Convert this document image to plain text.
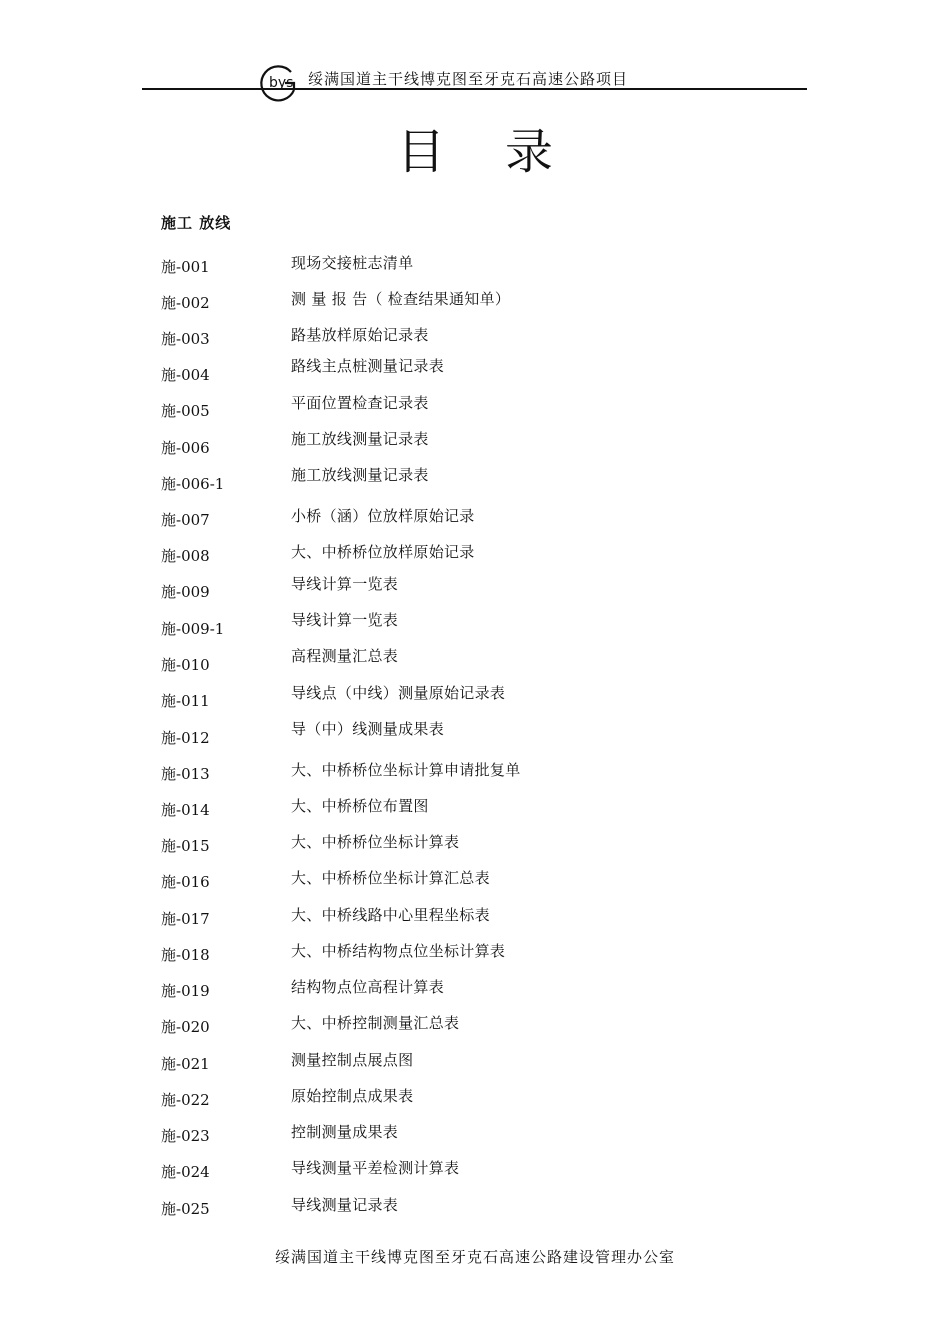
bys 绥满国道主干线博克图至牙克石高速公路项目
目 录
施工 放线
施-001	现场交接桩志清单
施-002	测 量 报 告（ 检查结果通知单）
施-003	路基放样原始记录表
施-004	路线主点桩测量记录表
施-005	平面位置检查记录表
施-006	施工放线测量记录表
施-006-1	施工放线测量记录表
施-007	小桥（涵）位放样原始记录
施-008	大、中桥桥位放样原始记录
施-009	导线计算一览表
施-009-1	导线计算一览表
施-010	高程测量汇总表
施-011	导线点（中线）测量原始记录表
施-012	导（中）线测量成果表
施-013	大、中桥桥位坐标计算申请批复单
施-014	大、中桥桥位布置图
施-015	大、中桥桥位坐标计算表
施-016	大、中桥桥位坐标计算汇总表
施-017	大、中桥线路中心里程坐标表
施-018	大、中桥结构物点位坐标计算表
施-019	结构物点位高程计算表
施-020	大、中桥控制测量汇总表
施-021	测量控制点展点图
施-022	原始控制点成果表
施-023	控制测量成果表
施-024	导线测量平差检测计算表
施-025	导线测量记录表
绥满国道主干线博克图至牙克石高速公路建设管理办公室
